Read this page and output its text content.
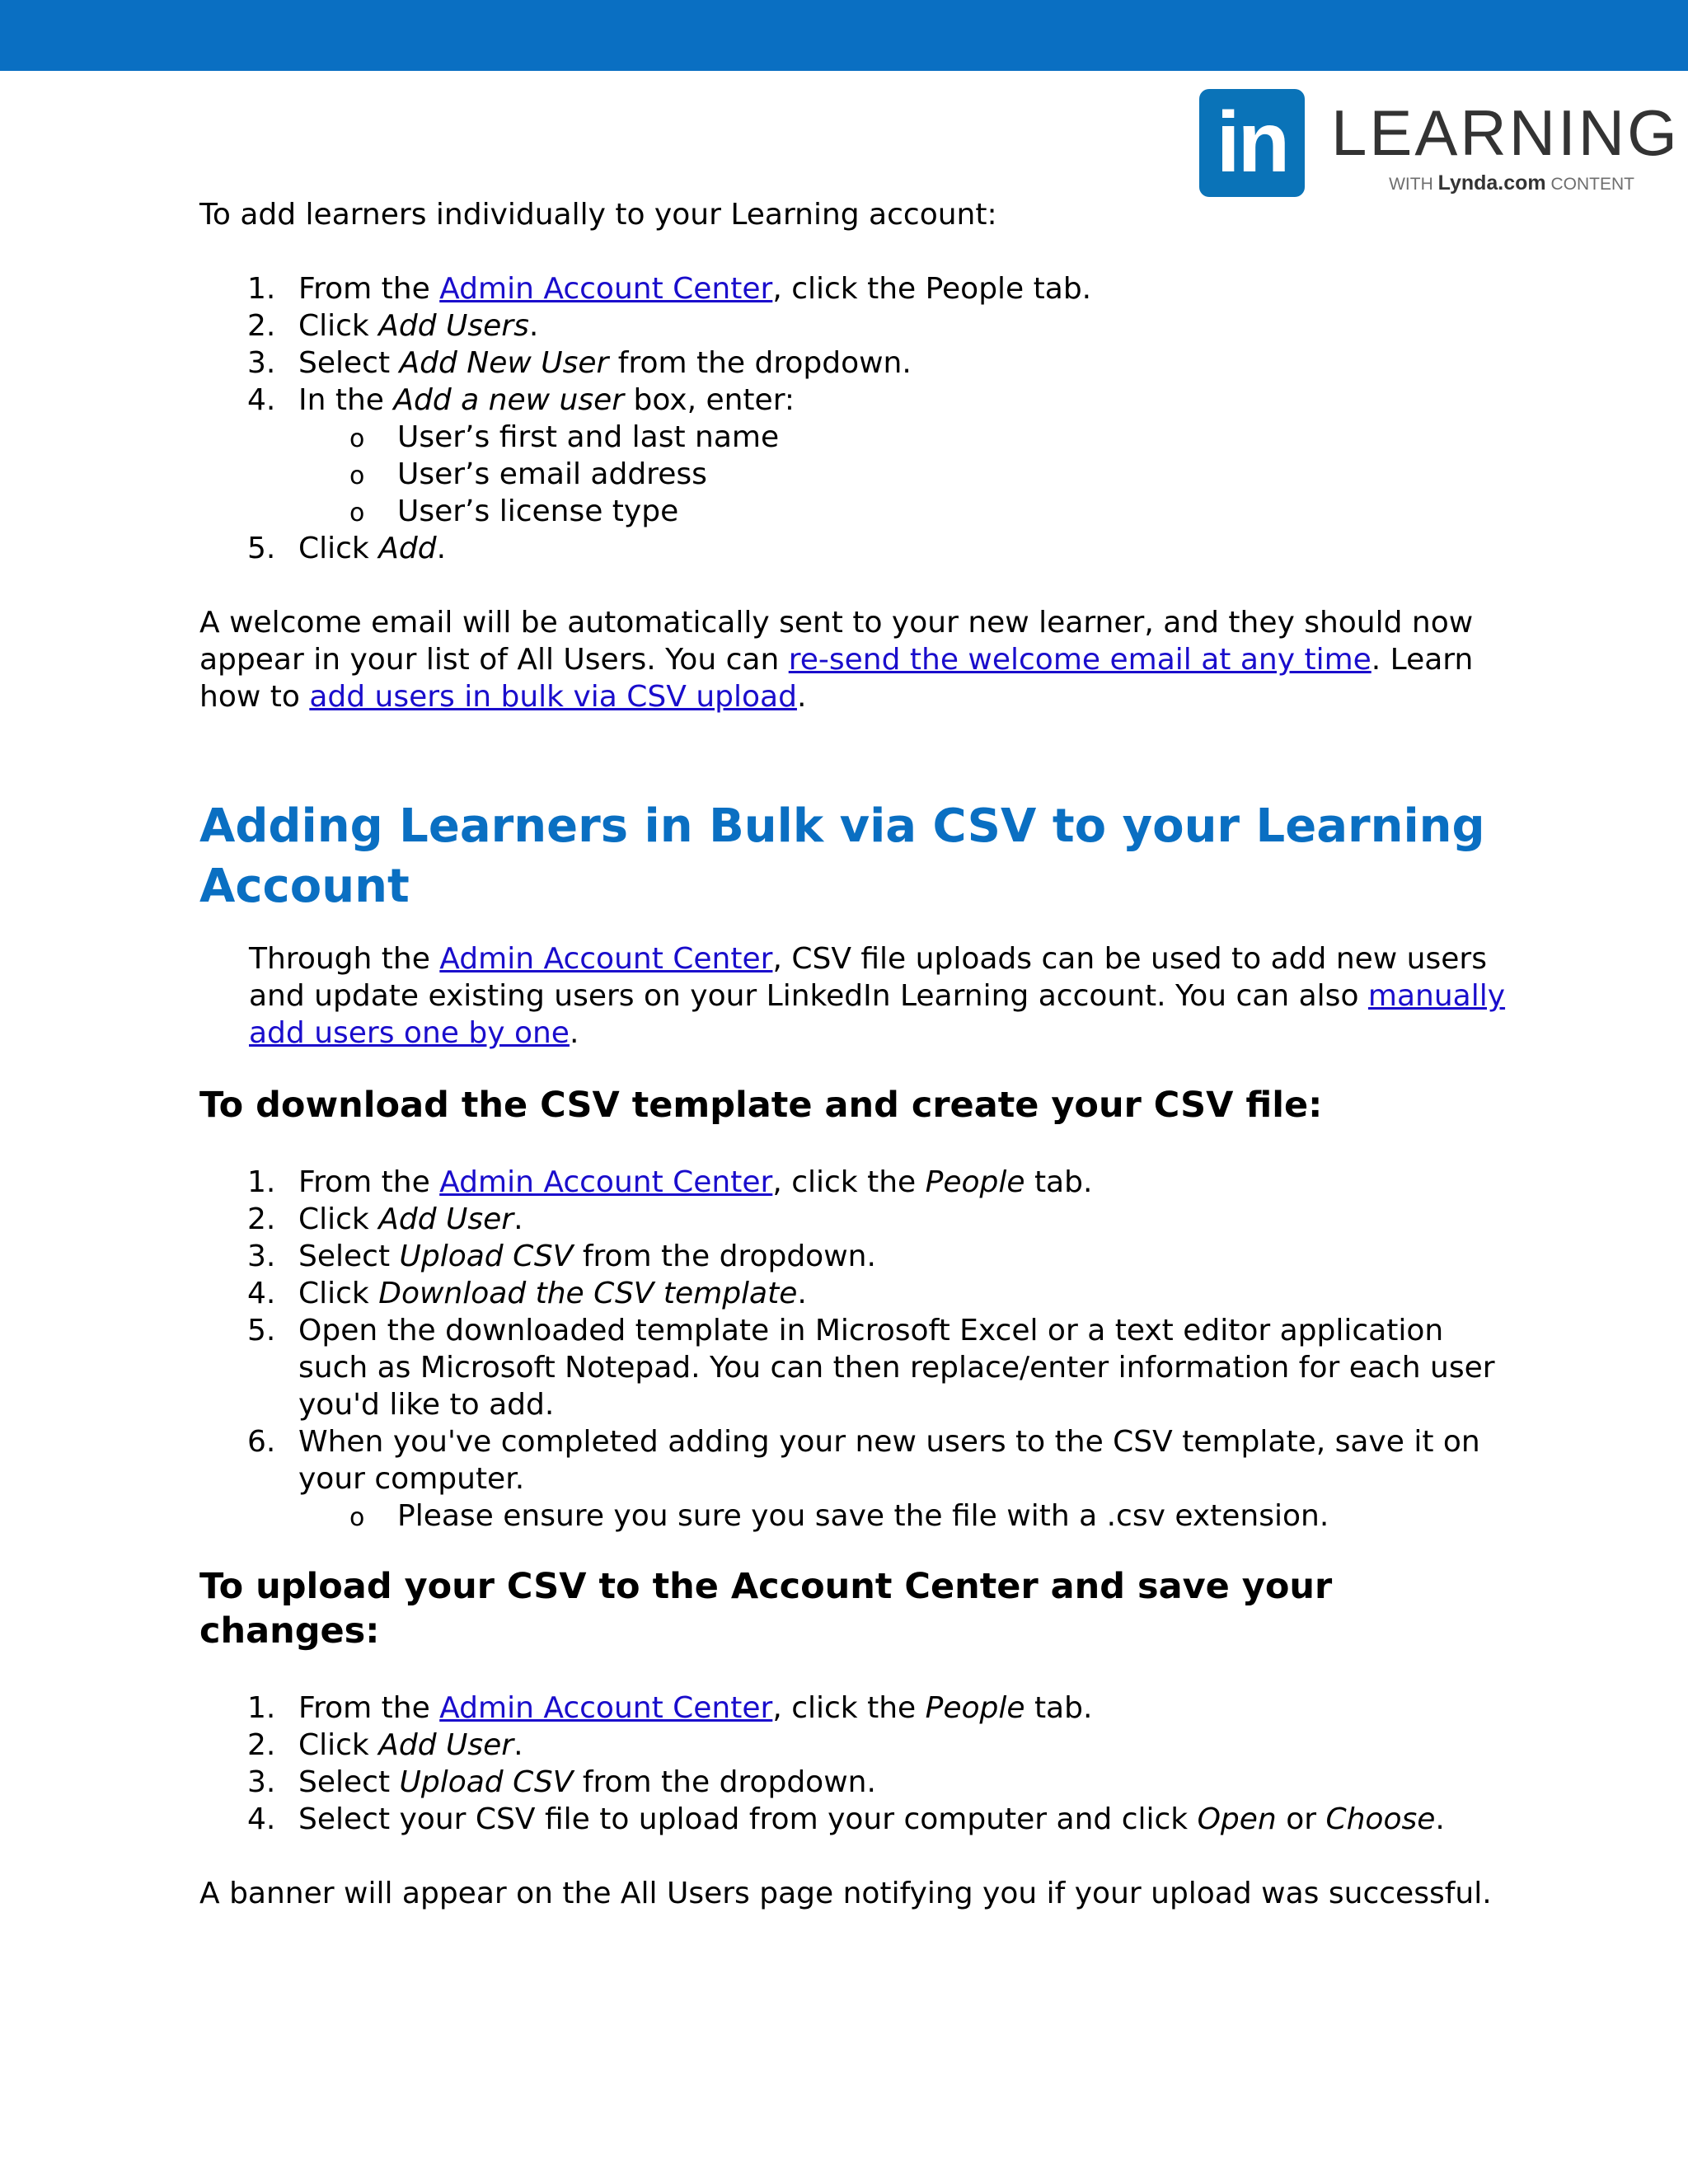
in LEARNING
WITH Lynda.com CONTENT

To add learners individually to your Learning account:

1. From the Admin Account Center, click the People tab.
2. Click Add Users.
3. Select Add New User from the dropdown.
4. In the Add a new user box, enter:
o User’s first and last name
o User’s email address
o User’s license type
5. Click Add.

A welcome email will be automatically sent to your new learner, and they should now appear in your list of All Users. You can re-send the welcome email at any time. Learn how to add users in bulk via CSV upload.

Adding Learners in Bulk via CSV to your Learning Account

Through the Admin Account Center, CSV file uploads can be used to add new users and update existing users on your LinkedIn Learning account. You can also manually add users one by one.

To download the CSV template and create your CSV file:
1. From the Admin Account Center, click the People tab.
2. Click Add User.
3. Select Upload CSV from the dropdown.
4. Click Download the CSV template.
5. Open the downloaded template in Microsoft Excel or a text editor application such as Microsoft Notepad. You can then replace/enter information for each user you'd like to add.
6. When you've completed adding your new users to the CSV template, save it on your computer.
o Please ensure you sure you save the file with a .csv extension.
To upload your CSV to the Account Center and save your changes:
1. From the Admin Account Center, click the People tab.
2. Click Add User.
3. Select Upload CSV from the dropdown.
4. Select your CSV file to upload from your computer and click Open or Choose.

A banner will appear on the All Users page notifying you if your upload was successful.
